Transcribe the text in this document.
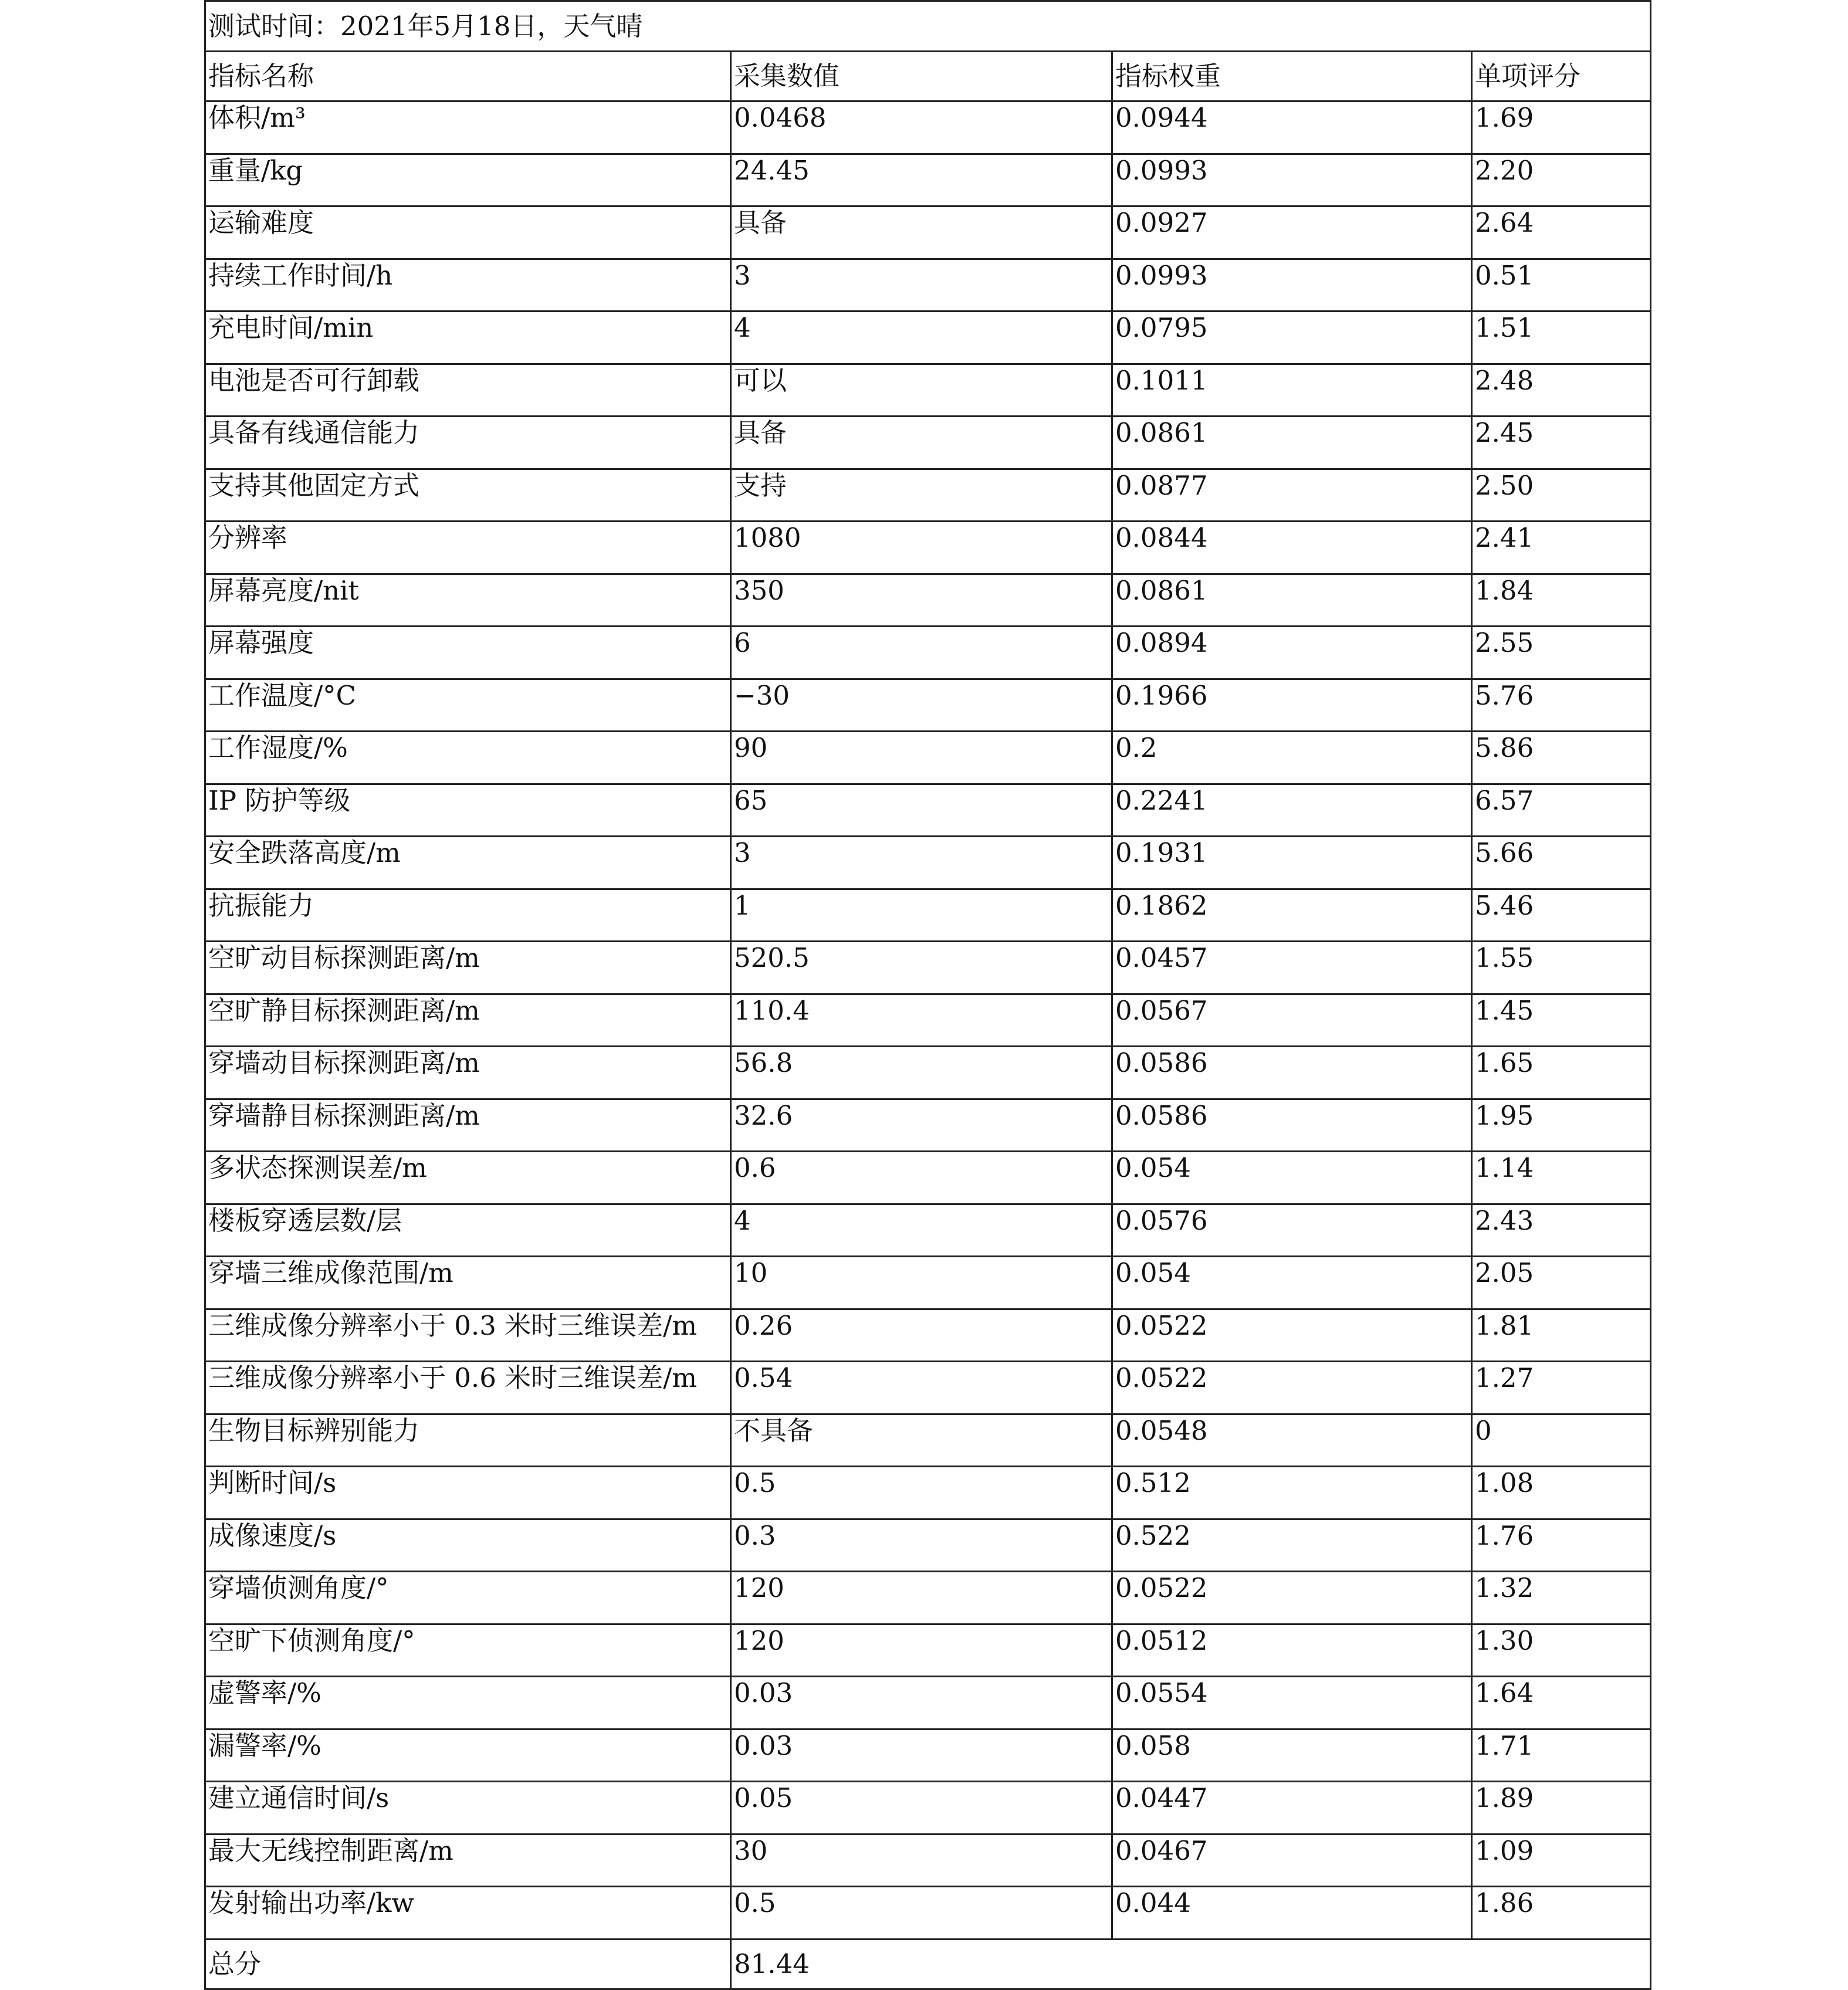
测试时间：2021年5月18日，天气晴			
指标名称	采集数值	指标权重	单项评分
体积/m³	0.0468	0.0944	1.69
重量/kg	24.45	0.0993	2.20
运输难度	具备	0.0927	2.64
持续工作时间/h	3	0.0993	0.51
充电时间/min	4	0.0795	1.51
电池是否可行卸载	可以	0.1011	2.48
具备有线通信能力	具备	0.0861	2.45
支持其他固定方式	支持	0.0877	2.50
分辨率	1080	0.0844	2.41
屏幕亮度/nit	350	0.0861	1.84
屏幕强度	6	0.0894	2.55
工作温度/°C	−30	0.1966	5.76
工作湿度/%	90	0.2	5.86
IP 防护等级	65	0.2241	6.57
安全跌落高度/m	3	0.1931	5.66
抗振能力	1	0.1862	5.46
空旷动目标探测距离/m	520.5	0.0457	1.55
空旷静目标探测距离/m	110.4	0.0567	1.45
穿墙动目标探测距离/m	56.8	0.0586	1.65
穿墙静目标探测距离/m	32.6	0.0586	1.95
多状态探测误差/m	0.6	0.054	1.14
楼板穿透层数/层	4	0.0576	2.43
穿墙三维成像范围/m	10	0.054	2.05
三维成像分辨率小于 0.3 米时三维误差/m	0.26	0.0522	1.81
三维成像分辨率小于 0.6 米时三维误差/m	0.54	0.0522	1.27
生物目标辨别能力	不具备	0.0548	0
判断时间/s	0.5	0.512	1.08
成像速度/s	0.3	0.522	1.76
穿墙侦测角度/°	120	0.0522	1.32
空旷下侦测角度/°	120	0.0512	1.30
虚警率/%	0.03	0.0554	1.64
漏警率/%	0.03	0.058	1.71
建立通信时间/s	0.05	0.0447	1.89
最大无线控制距离/m	30	0.0467	1.09
发射输出功率/kw	0.5	0.044	1.86
总分	81.44		
